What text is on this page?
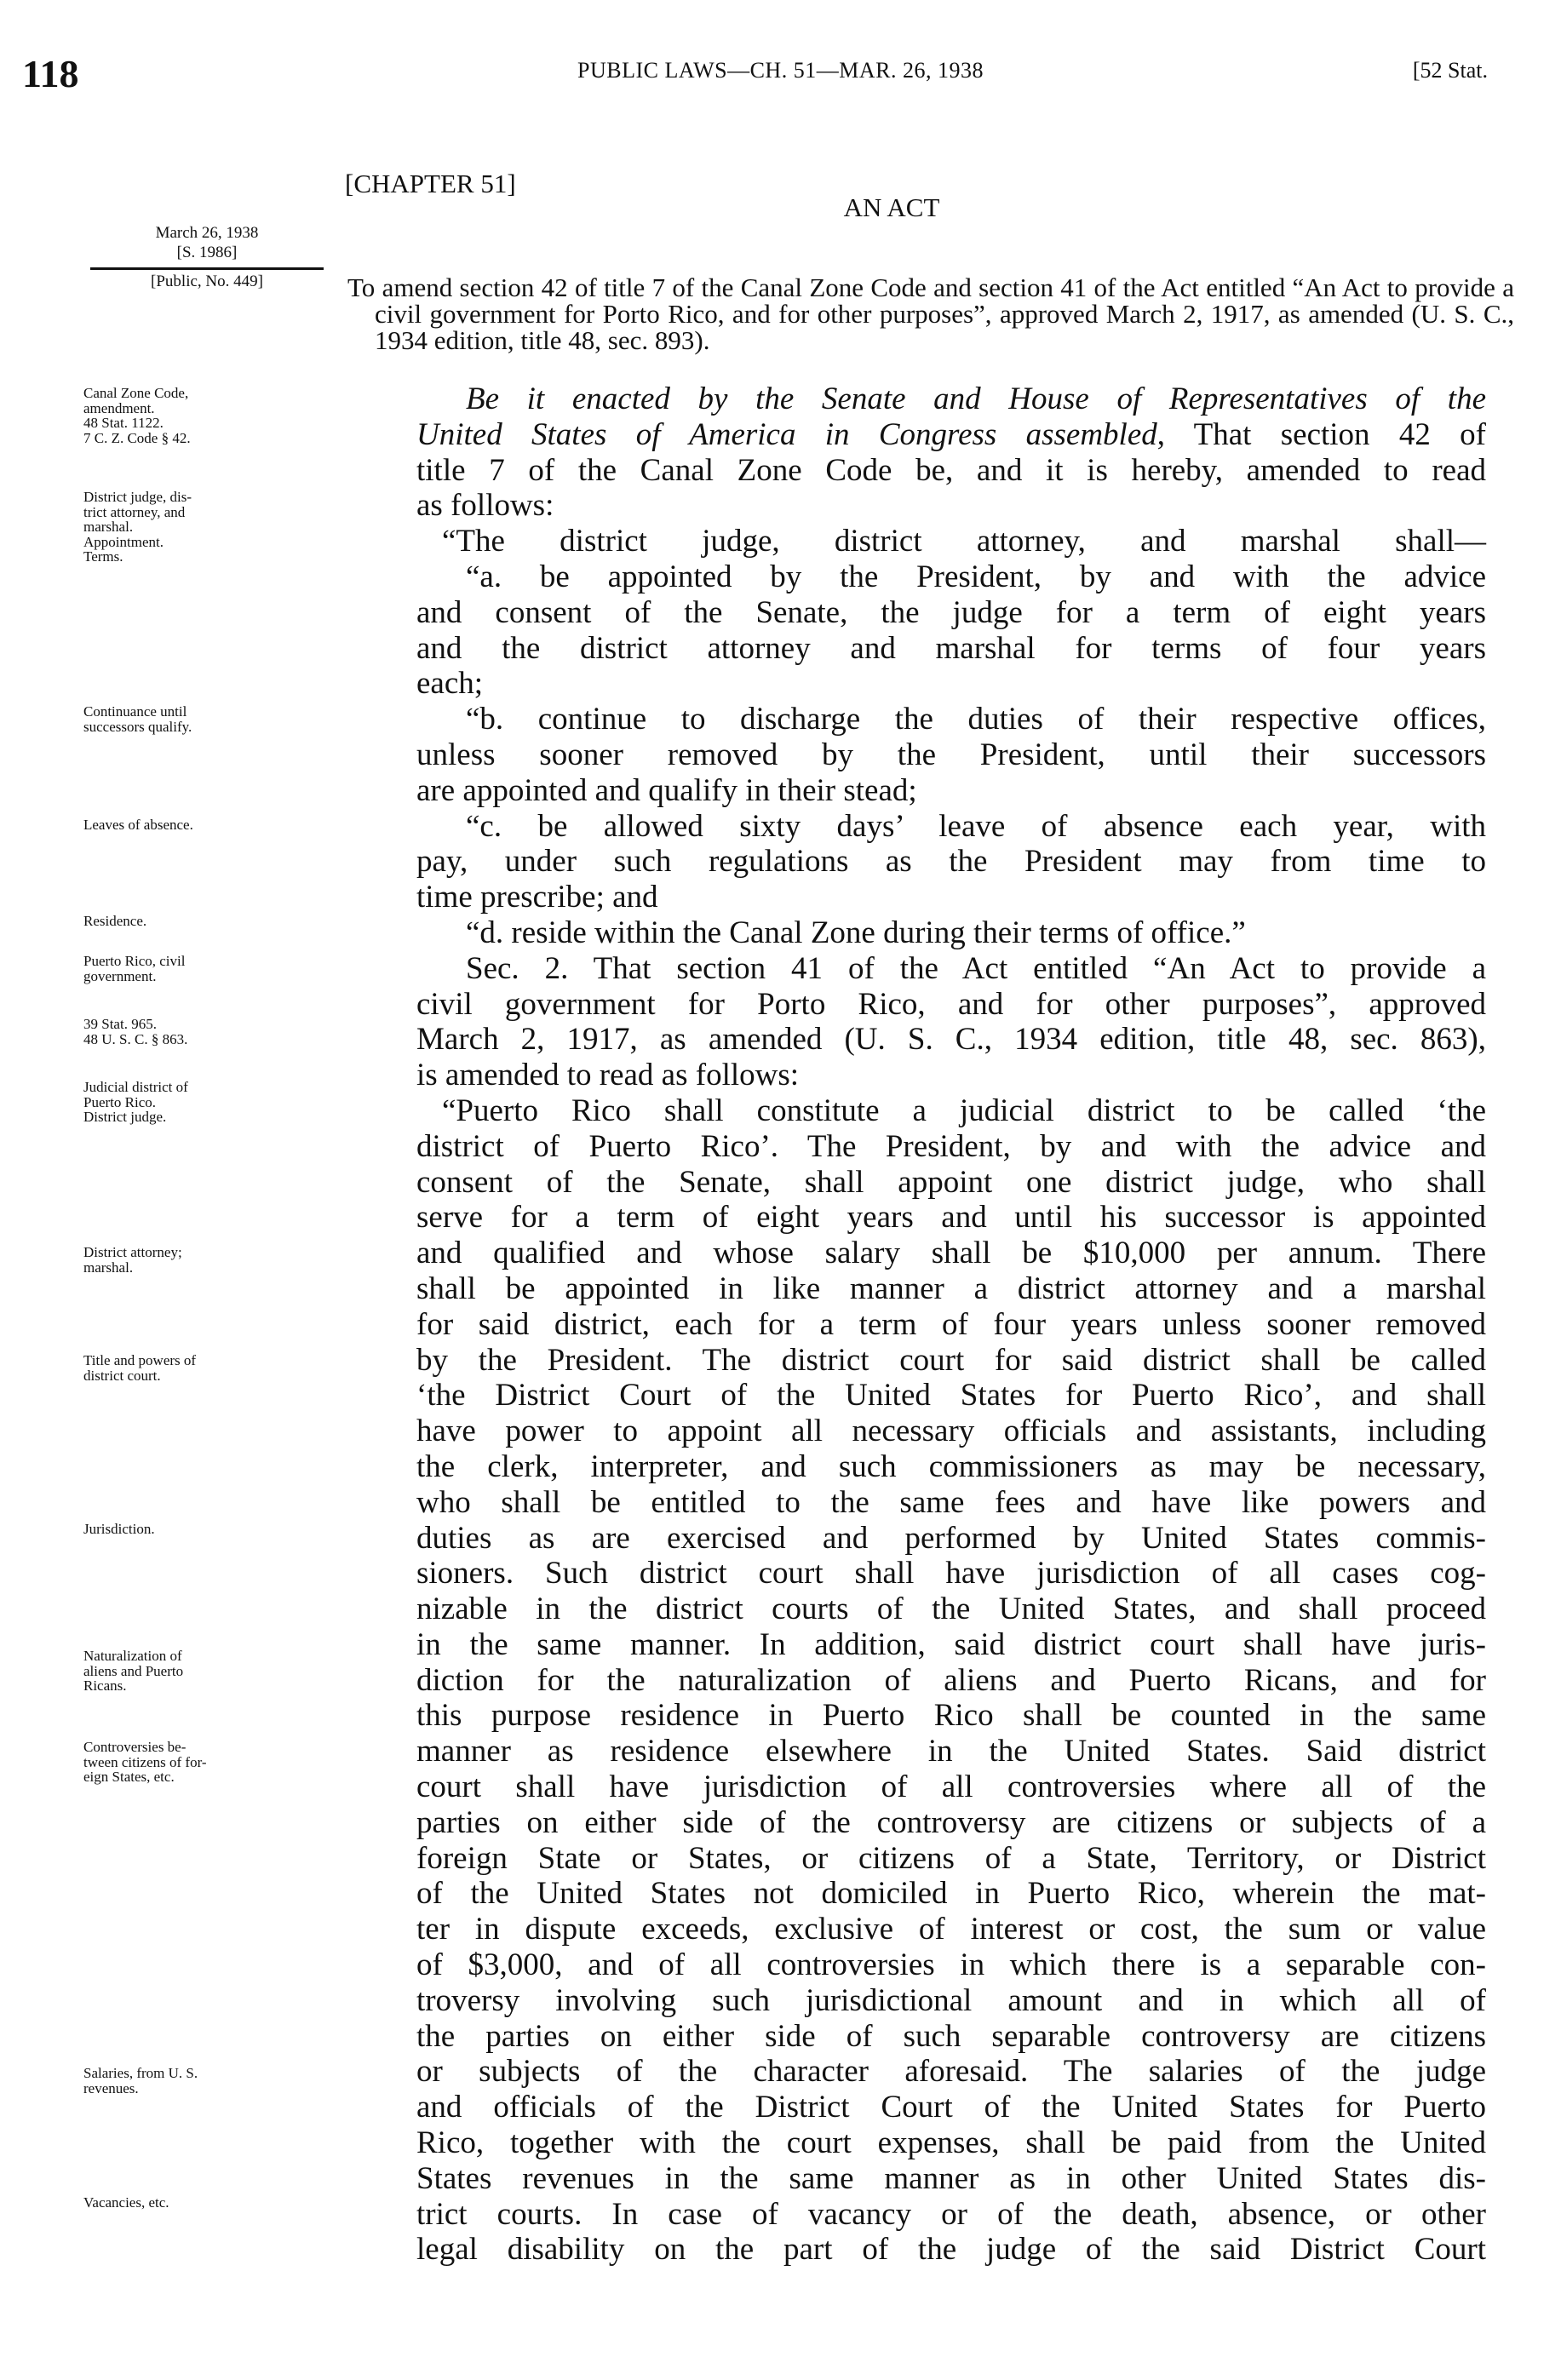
118	PUBLIC LAWS—CH. 51—MAR. 26, 1938	[52 Stat.
[CHAPTER 51]
AN ACT
March 26, 1938
[S. 1986]
[Public, No. 449]	To amend section 42 of title 7 of the Canal Zone Code and section 41 of the Act entitled “An Act to provide a civil government for Porto Rico, and for other purposes”, approved March 2, 1917, as amended (U. S. C., 1934 edition, title 48, sec. 893).
Canal Zone Code,
amendment.
48 Stat. 1122.
7 C. Z. Code § 42.
District judge, dis-
trict attorney, and
marshal.
Appointment.
Terms.
Continuance until
successors qualify.
Leaves of absence.
Residence.
Puerto Rico, civil
government.
39 Stat. 965.
48 U. S. C. § 863.
Judicial district of
Puerto Rico.
District judge.
District attorney;
marshal.
Title and powers of
district court.
Jurisdiction.
Naturalization of
aliens and Puerto
Ricans.
Controversies be-
tween citizens of for-
eign States, etc.
Salaries, from U. S.
revenues.
Vacancies, etc.
Be it enacted by the Senate and House of Representatives of the
United States of America in Congress assembled, That section 42 of
title 7 of the Canal Zone Code be, and it is hereby, amended to read
as follows:
“The district judge, district attorney, and marshal shall—
“a. be appointed by the President, by and with the advice
and consent of the Senate, the judge for a term of eight years
and the district attorney and marshal for terms of four years
each;
“b. continue to discharge the duties of their respective offices,
unless sooner removed by the President, until their successors
are appointed and qualify in their stead;
“c. be allowed sixty days’ leave of absence each year, with
pay, under such regulations as the President may from time to
time prescribe; and
“d. reside within the Canal Zone during their terms of office.”
Sec. 2. That section 41 of the Act entitled “An Act to provide a
civil government for Porto Rico, and for other purposes”, approved
March 2, 1917, as amended (U. S. C., 1934 edition, title 48, sec. 863),
is amended to read as follows:
“Puerto Rico shall constitute a judicial district to be called ‘the
district of Puerto Rico’. The President, by and with the advice and
consent of the Senate, shall appoint one district judge, who shall
serve for a term of eight years and until his successor is appointed
and qualified and whose salary shall be $10,000 per annum. There
shall be appointed in like manner a district attorney and a marshal
for said district, each for a term of four years unless sooner removed
by the President. The district court for said district shall be called
‘the District Court of the United States for Puerto Rico’, and shall
have power to appoint all necessary officials and assistants, including
the clerk, interpreter, and such commissioners as may be necessary,
who shall be entitled to the same fees and have like powers and
duties as are exercised and performed by United States commis-
sioners. Such district court shall have jurisdiction of all cases cog-
nizable in the district courts of the United States, and shall proceed
in the same manner. In addition, said district court shall have juris-
diction for the naturalization of aliens and Puerto Ricans, and for
this purpose residence in Puerto Rico shall be counted in the same
manner as residence elsewhere in the United States. Said district
court shall have jurisdiction of all controversies where all of the
parties on either side of the controversy are citizens or subjects of a
foreign State or States, or citizens of a State, Territory, or District
of the United States not domiciled in Puerto Rico, wherein the mat-
ter in dispute exceeds, exclusive of interest or cost, the sum or value
of $3,000, and of all controversies in which there is a separable con-
troversy involving such jurisdictional amount and in which all of
the parties on either side of such separable controversy are citizens
or subjects of the character aforesaid. The salaries of the judge
and officials of the District Court of the United States for Puerto
Rico, together with the court expenses, shall be paid from the United
States revenues in the same manner as in other United States dis-
trict courts. In case of vacancy or of the death, absence, or other
legal disability on the part of the judge of the said District Court
